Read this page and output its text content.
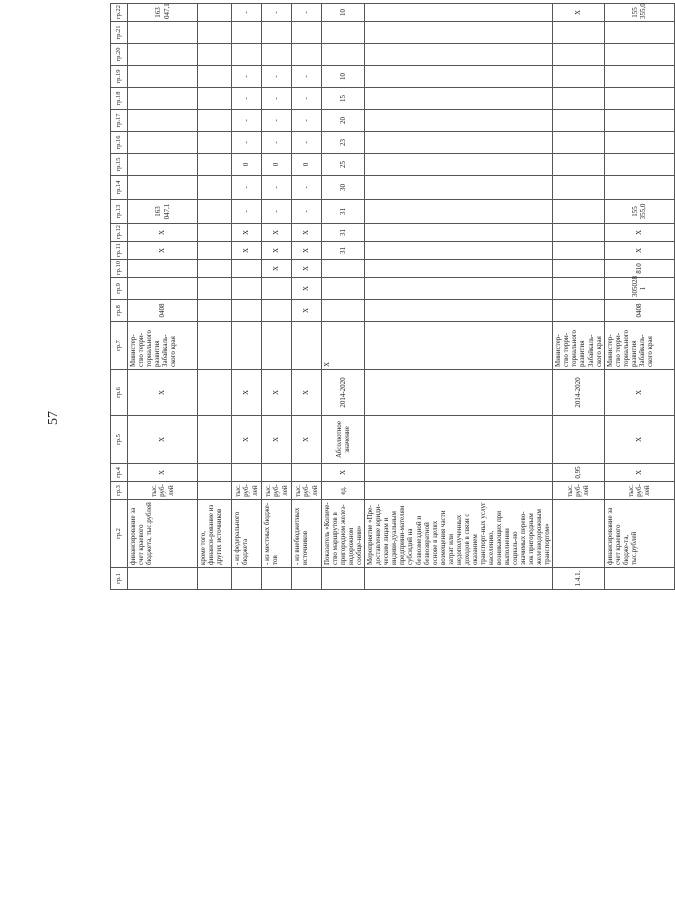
57
гр.1	гр.2	гр.3	гр.4	гр.5	гр.6	гр.7	гр.8	гр.9	гр.10	гр.11	гр.12	гр.13	гр.14	гр.15	гр.16	гр.17	гр.18	гр.19	гр.20	гр.21	гр.22
	финансирование за счет краевого бюджета, тыс.рублей	тыс. руб-лей	X	X	X	Министер-ство терри-ториального развития Забайкаль-ского края	0408			X	X	163 047,1									163 047,1
	кроме того, финанси-рование из других источников																				
	- из федерального бюджета	тыс. руб-лей		X	X					X	X	-	-	0	-	-	-	-			-
	- из местных бюдже-тов	тыс. руб-лей		X	X				X	X	X	-	-	0	-	-	-	-			-
	- из внебюджетных источников	тыс. руб-лей		X	X		X	X	X	X	X	-	-	0	-	-	-	-			-
	Показатель «Количе-ство маршрутов в пригородном желез-нодорожном сообще-нии»	ед.	X	Абсолютное значение	2014-2020	X				31	31	31	30	25	23	20	15	10			10
	Мероприятие «Пре-доставление юриди-ческим лицам и индиви-дуальным предприни-мателям субсидий на безвозмездной и безвозвратной основе в целях возмещения части затрат или недополученных доходов в связи с оказанием транспорт-ных услуг населению, возникающих при выполнении социаль-но значимых перево-зок пригородным железнодорожным транспортом»																				
1.4.1.		тыс. руб-лей	0,95		2014-2020	Министер-ство терри-ториального развития Забайкаль-ского края															X
	финансирование за счет краевого бюдже-та, тыс.рублей	тыс. руб-лей	X	X	X	Министер-ство терри-ториального развития Забайкаль-ского края	0408	305028 1	810	X	X	155 355,0									155 355,0
